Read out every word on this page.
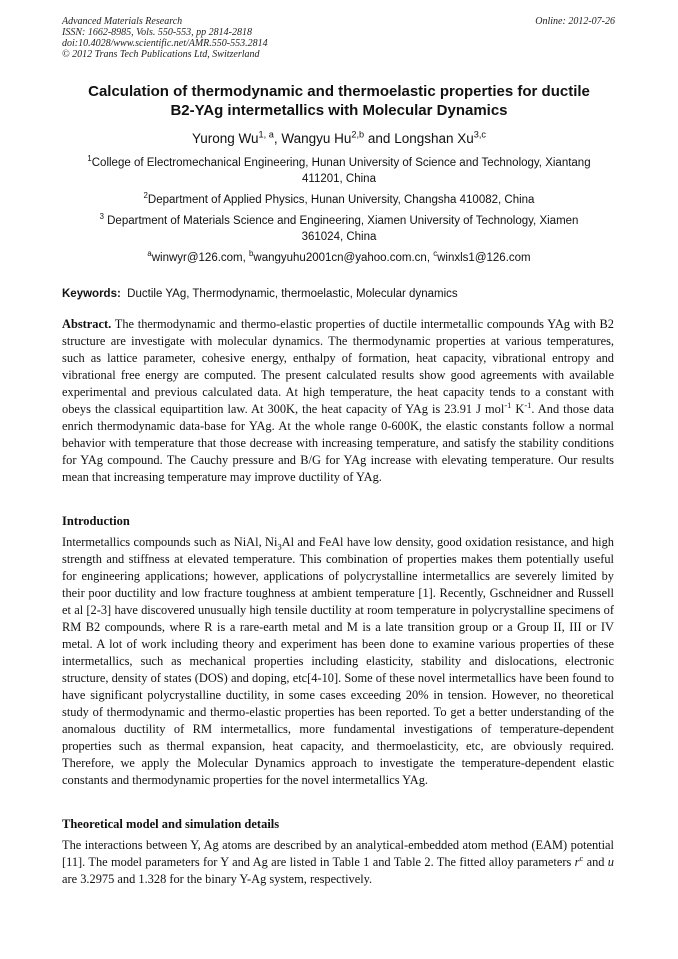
Advanced Materials Research
ISSN: 1662-8985, Vols. 550-553, pp 2814-2818
doi:10.4028/www.scientific.net/AMR.550-553.2814
© 2012 Trans Tech Publications Ltd, Switzerland
Online: 2012-07-26
Calculation of thermodynamic and thermoelastic properties for ductile
B2-YAg intermetallics with Molecular Dynamics
Yurong Wu$^{1, a}$, Wangyu Hu$^{2,b}$ and Longshan Xu$^{3,c}$
$^1$College of Electromechanical Engineering, Hunan University of Science and Technology, Xiantang
411201, China
$^2$Department of Applied Physics, Hunan University, Changsha 410082, China
$^3$ Department of Materials Science and Engineering, Xiamen University of Technology, Xiamen
361024, China
$^a$winwyr@126.com, $^b$wangyuhu2001cn@yahoo.com.cn, $^c$winxls1@126.com
Keywords:  Ductile YAg, Thermodynamic, thermoelastic, Molecular dynamics
Abstract. The thermodynamic and thermo-elastic properties of ductile intermetallic compounds YAg with B2 structure are investigate with molecular dynamics. The thermodynamic properties at various temperatures, such as lattice parameter, cohesive energy, enthalpy of formation, heat capacity, vibrational entropy and vibrational free energy are computed. The present calculated results show good agreements with available experimental and previous calculated data. At high temperature, the heat capacity tends to a constant with obeys the classical equipartition law. At 300K, the heat capacity of YAg is 23.91 J mol$^{-1}$ $K^{-1}$. And those data enrich thermodynamic data-base for YAg. At the whole range 0-600K, the elastic constants follow a normal behavior with temperature that those decrease with increasing temperature, and satisfy the stability conditions for YAg compound. The Cauchy pressure and B/G for YAg increase with elevating temperature. Our results mean that increasing temperature may improve ductility of YAg.
Introduction
Intermetallics compounds such as NiAl, $Ni_3Al$ and FeAl have low density, good oxidation resistance, and high strength and stiffness at elevated temperature. This combination of properties makes them potentially useful for engineering applications; however, applications of polycrystalline intermetallics are severely limited by their poor ductility and low fracture toughness at ambient temperature [1]. Recently, Gschneidner and Russell et al [2-3] have discovered unusually high tensile ductility at room temperature in polycrystalline specimens of RM B2 compounds, where R is a rare-earth metal and M is a late transition group or a Group II, III or IV metal. A lot of work including theory and experiment has been done to examine various properties of these intermetallics, such as mechanical properties including elasticity, stability and dislocations, electronic structure, density of states (DOS) and doping, etc[4-10]. Some of these novel intermetallics have been found to have significant polycrystalline ductility, in some cases exceeding 20% in tension. However, no theoretical study of thermodynamic and thermo-elastic properties has been reported. To get a better understanding of the anomalous ductility of RM intermetallics, more fundamental investigations of temperature-dependent properties such as thermal expansion, heat capacity, and thermoelasticity, etc, are obviously required. Therefore, we apply the Molecular Dynamics approach to investigate the temperature-dependent elastic constants and thermodynamic properties for the novel intermetallics YAg.
Theoretical model and simulation details
The interactions between Y, Ag atoms are described by an analytical-embedded atom method (EAM) potential [11]. The model parameters for Y and Ag are listed in Table 1 and Table 2. The fitted alloy parameters $r^c$ and u are 3.2975 and 1.328 for the binary Y-Ag system, respectively.
